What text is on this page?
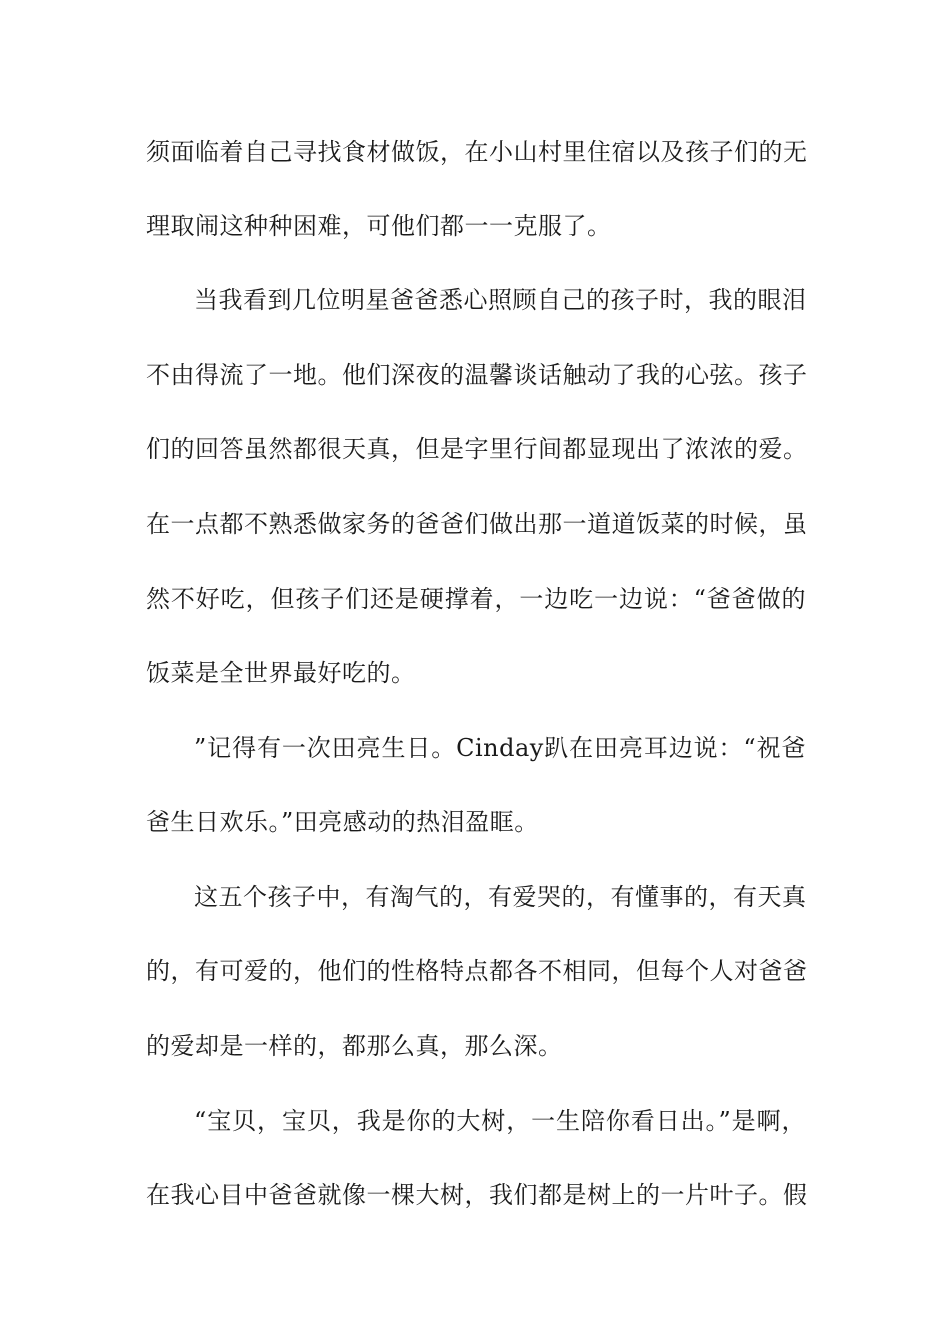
须面临着自己寻找食材做饭，在小山村里住宿以及孩子们的无
理取闹这种种困难，可他们都一一克服了。
当我看到几位明星爸爸悉心照顾自己的孩子时，我的眼泪
不由得流了一地。他们深夜的温馨谈话触动了我的心弦。孩子
们的回答虽然都很天真，但是字里行间都显现出了浓浓的爱。
在一点都不熟悉做家务的爸爸们做出那一道道饭菜的时候，虽
然不好吃，但孩子们还是硬撑着，一边吃一边说：“爸爸做的
饭菜是全世界最好吃的。
”记得有一次田亮生日。Cinday趴在田亮耳边说：“祝爸
爸生日欢乐。”田亮感动的热泪盈眶。
这五个孩子中，有淘气的，有爱哭的，有懂事的，有天真
的，有可爱的，他们的性格特点都各不相同，但每个人对爸爸
的爱却是一样的，都那么真，那么深。
“宝贝，宝贝，我是你的大树，一生陪你看日出。”是啊，
在我心目中爸爸就像一棵大树，我们都是树上的一片叶子。假
